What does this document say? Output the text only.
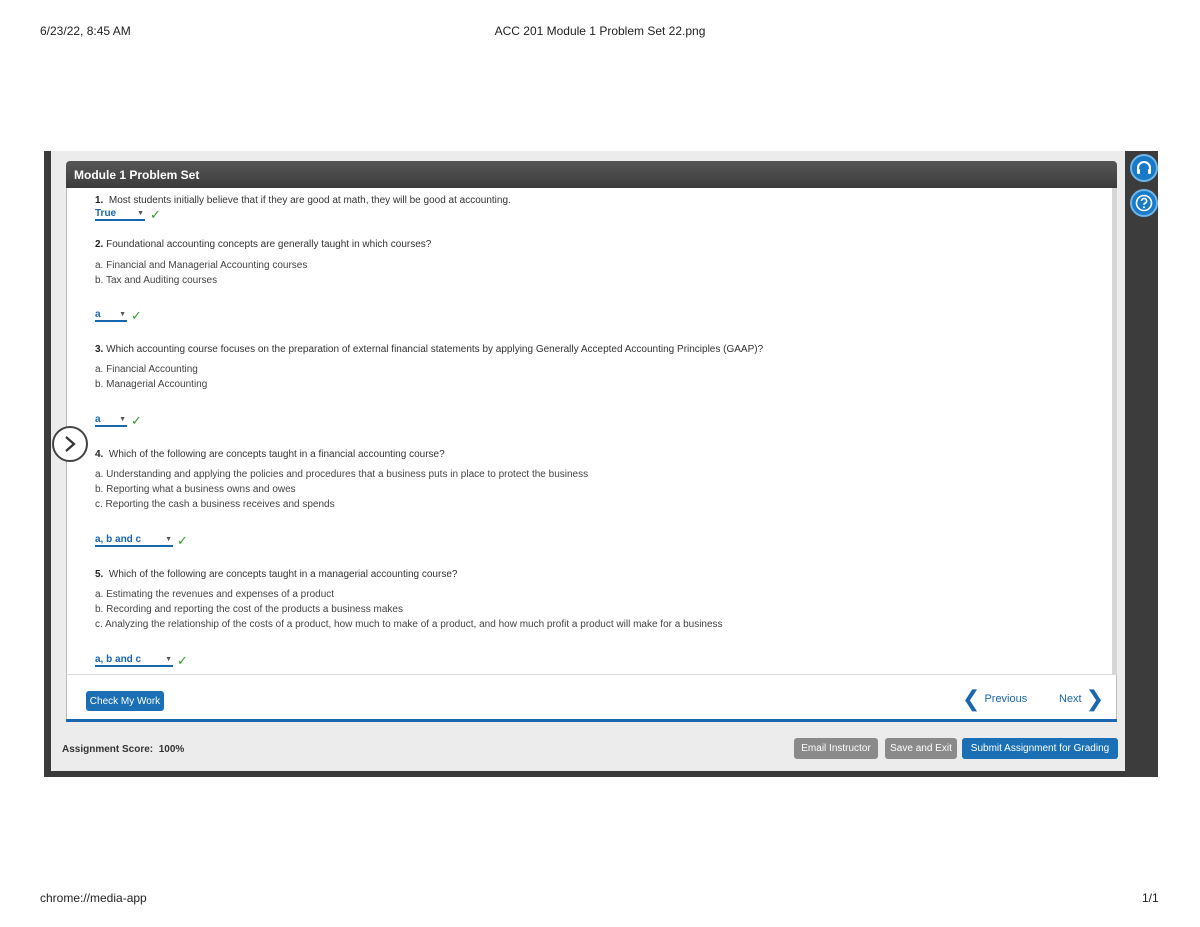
6/23/22, 8:45 AM	ACC 201 Module 1 Problem Set 22.png
chrome://media-app	1/1
Module 1 Problem Set
1. Most students initially believe that if they are good at math, they will be good at accounting.
True	▼ ✓
2. Foundational accounting concepts are generally taught in which courses?
a. Financial and Managerial Accounting courses
b. Tax and Auditing courses
a	▼ ✓
3. Which accounting course focuses on the preparation of external financial statements by applying Generally Accepted Accounting Principles (GAAP)?
a. Financial Accounting
b. Managerial Accounting
a	▼ ✓
4. Which of the following are concepts taught in a financial accounting course?
a. Understanding and applying the policies and procedures that a business puts in place to protect the business
b. Reporting what a business owns and owes
c. Reporting the cash a business receives and spends
a, b and c	▼ ✓
5. Which of the following are concepts taught in a managerial accounting course?
a. Estimating the revenues and expenses of a product
b. Recording and reporting the cost of the products a business makes
c. Analyzing the relationship of the costs of a product, how much to make of a product, and how much profit a product will make for a business
a, b and c	▼ ✓
Check My Work	❮ Previous	Next ❯
Assignment Score: 100%	Email Instructor	Save and Exit	Submit Assignment for Grading
